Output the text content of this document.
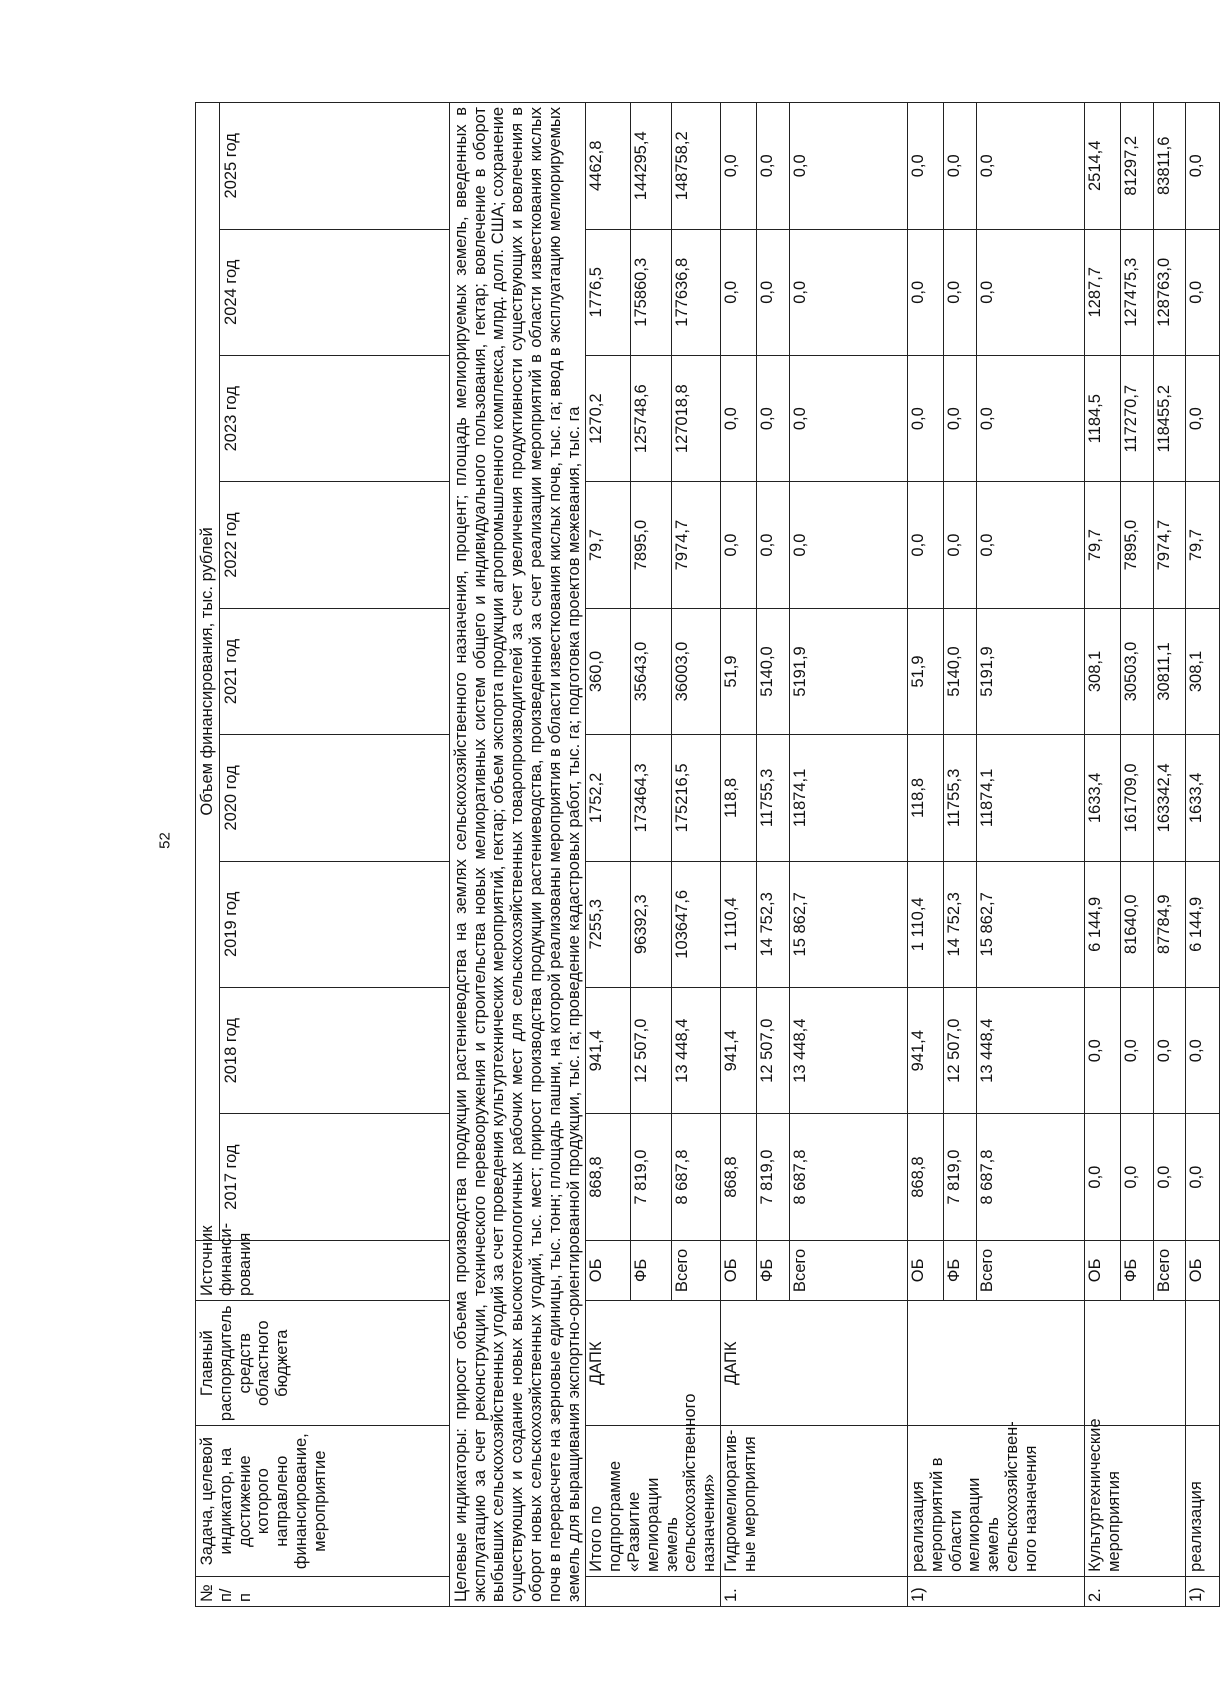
52
№ п/п	Задача, целевой индикатор, на достижение которого направлено финансирование, мероприятие	Главный распорядитель средств областного бюджета	Источник финанси-рования	Объем финансирования, тыс. рублей								
				2017 год	2018 год	2019 год	2020 год	2021 год	2022 год	2023 год	2024 год	2025 год
Целевые индикаторы: прирост объема производства продукции растениеводства на землях сельскохозяйственного назначения, процент; площадь мелиорируемых земель, введенных в эксплуатацию за счет реконструкции, технического перевооружения и строительства новых мелиоративных систем общего и индивидуального пользования, гектар; вовлечение в оборот выбывших сельскохозяйственных угодий за счет проведения культуртехнических мероприятий, гектар; объем экспорта продукции агропромышленного комплекса, млрд. долл. США; сохранение существующих и создание новых высокотехнологичных рабочих мест для сельскохозяйственных товаропроизводителей за счет увеличения продуктивности существующих и вовлечения в оборот новых сельскохозяйственных угодий, тыс. мест; прирост производства продукции растениеводства, произведенной за счет реализации мероприятий в области известкования кислых почв в перерасчете на зерновые единицы, тыс. тонн; площадь пашни, на которой реализованы мероприятия в области известкования кислых почв, тыс. га; ввод в эксплуатацию мелиорируемых земель для выращивания экспортно-ориентированной продукции, тыс. га; проведение кадастровых работ, тыс. га; подготовка проектов межевания, тыс. га												
	Итого по подпрограмме «Развитие мелиорации земель сельскохозяйственного назначения»	ДАПК	ОБ	868,8	941,4	7255,3	1752,2	360,0	79,7	1270,2	1776,5	4462,8
			ФБ	7 819,0	12 507,0	96392,3	173464,3	35643,0	7895,0	125748,6	175860,3	144295,4
			Всего	8 687,8	13 448,4	103647,6	175216,5	36003,0	7974,7	127018,8	177636,8	148758,2
1.	Гидромелиоратив-ные мероприятия	ДАПК	ОБ	868,8	941,4	1 110,4	118,8	51,9	0,0	0,0	0,0	0,0
			ФБ	7 819,0	12 507,0	14 752,3	11755,3	5140,0	0,0	0,0	0,0	0,0
			Всего	8 687,8	13 448,4	15 862,7	11874,1	5191,9	0,0	0,0	0,0	0,0
1)	реализация мероприятий в области мелиорации земель сельскохозяйствен-ного назначения		ОБ	868,8	941,4	1 110,4	118,8	51,9	0,0	0,0	0,0	0,0
			ФБ	7 819,0	12 507,0	14 752,3	11755,3	5140,0	0,0	0,0	0,0	0,0
			Всего	8 687,8	13 448,4	15 862,7	11874,1	5191,9	0,0	0,0	0,0	0,0
2.	Культуртехнические мероприятия		ОБ	0,0	0,0	6 144,9	1633,4	308,1	79,7	1184,5	1287,7	2514,4
			ФБ	0,0	0,0	81640,0	161709,0	30503,0	7895,0	117270,7	127475,3	81297,2
			Всего	0,0	0,0	87784,9	163342,4	30811,1	7974,7	118455,2	128763,0	83811,6
1)	реализация		ОБ	0,0	0,0	6 144,9	1633,4	308,1	79,7	0,0	0,0	0,0
